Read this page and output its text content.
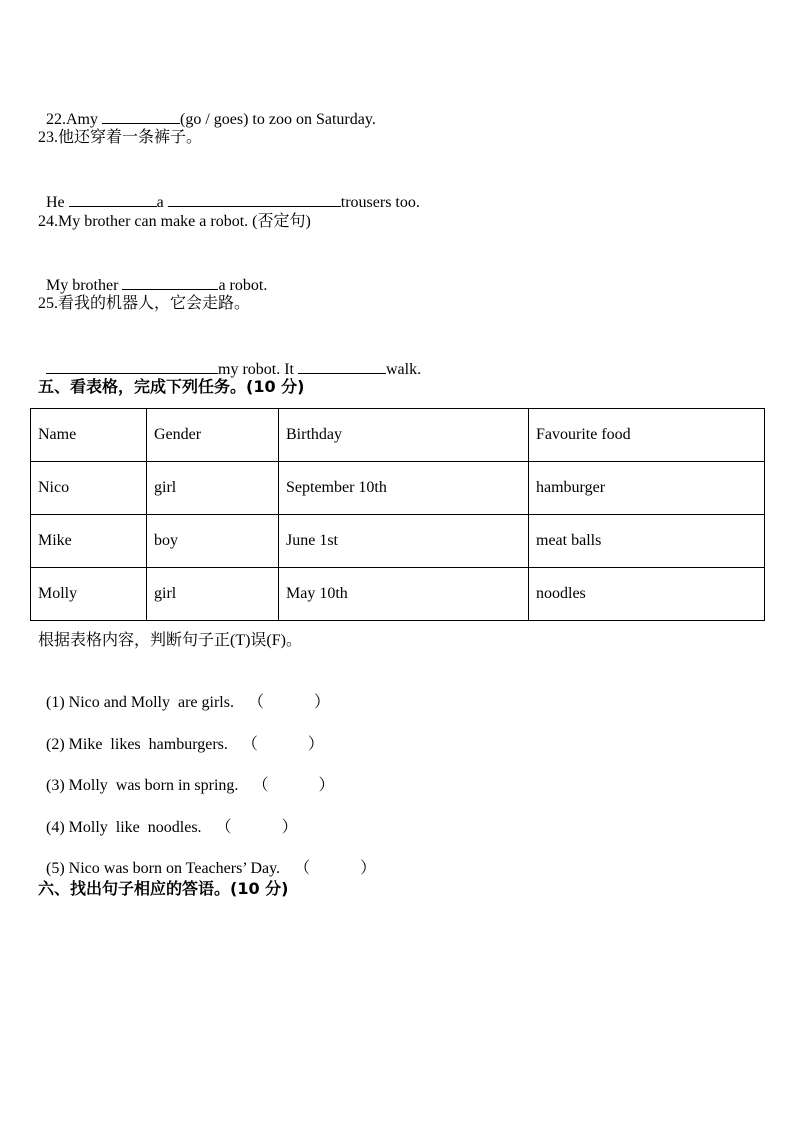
22.Amy	(go / goes) to zoo on Saturday.

23.他还穿着一条裤子。

He	a	trousers too.

24.My brother can make a robot. (否定句)

My brother	a robot.

25.看我的机器人，它会走路。

my robot. It	walk.

五、看表格，完成下列任务。(10 分)
Name	Gender	Birthday	Favourite food
Nico	girl	September 10th	hamburger
Mike	boy	June 1st	meat balls
Molly	girl	May 10th	noodles
根据表格内容，判断句子正(T)误(F)。

(1) Nico and Molly  are girls. （	）

(2) Mike  likes  hamburgers. （	）

(3) Molly  was born in spring. （	）

(4) Molly  like  noodles. （	）

(5) Nico was born on Teachers’ Day. （	）

六、找出句子相应的答语。(10 分)
